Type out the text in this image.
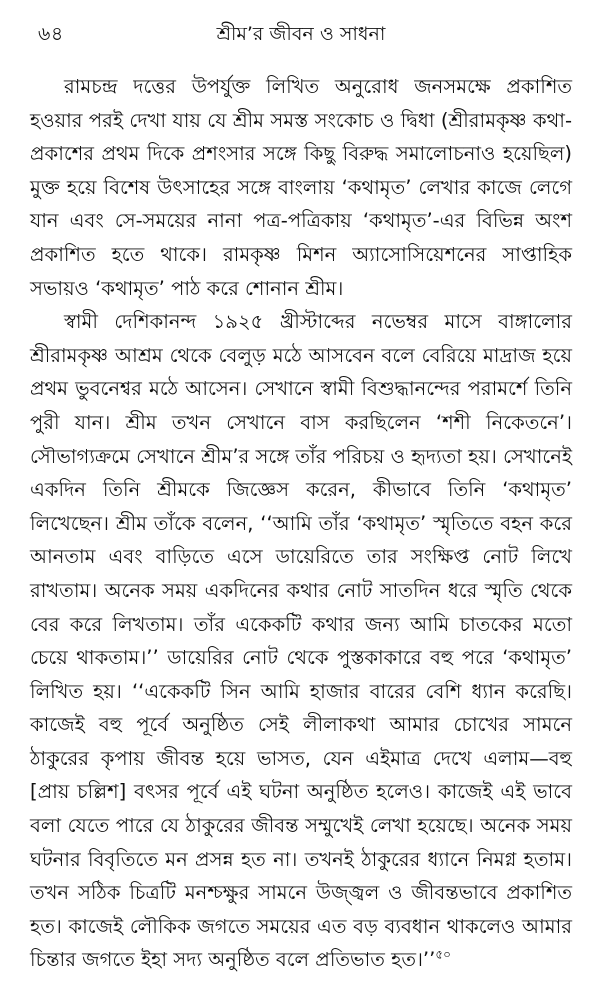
৬৪	শ্রীম’র জীবন ও সাধনা

রামচন্দ্র দত্তের উপর্যুক্ত লিখিত অনুরোধ জনসমক্ষে প্রকাশিত হওয়ার পরই দেখা যায় যে শ্রীম সমস্ত সংকোচ ও দ্বিধা (শ্রীরামকৃষ্ণ কথা-প্রকাশের প্রথম দিকে প্রশংসার সঙ্গে কিছু বিরুদ্ধ সমালোচনাও হয়েছিল) মুক্ত হয়ে বিশেষ উৎসাহের সঙ্গে বাংলায় ‘কথামৃত’ লেখার কাজে লেগে যান এবং সে-সময়ের নানা পত্র-পত্রিকায় ‘কথামৃত’-এর বিভিন্ন অংশ প্রকাশিত হতে থাকে। রামকৃষ্ণ মিশন অ্যাসোসিয়েশনের সাপ্তাহিক সভায়ও ‘কথামৃত’ পাঠ করে শোনান শ্রীম।

স্বামী দেশিকানন্দ ১৯২৫ খ্রীস্টাব্দের নভেম্বর মাসে বাঙ্গালোর শ্রীরামকৃষ্ণ আশ্রম থেকে বেলুড় মঠে আসবেন বলে বেরিয়ে মাদ্রাজ হয়ে প্রথম ভুবনেশ্বর মঠে আসেন। সেখানে স্বামী বিশুদ্ধানন্দের পরামর্শে তিনি পুরী যান। শ্রীম তখন সেখানে বাস করছিলেন ‘শশী নিকেতনে’। সৌভাগ্যক্রমে সেখানে শ্রীম’র সঙ্গে তাঁর পরিচয় ও হৃদ্যতা হয়। সেখানেই একদিন তিনি শ্রীমকে জিজ্ঞেস করেন, কীভাবে তিনি ‘কথামৃত’ লিখেছেন। শ্রীম তাঁকে বলেন, ‘‘আমি তাঁর ‘কথামৃত’ স্মৃতিতে বহন করে আনতাম এবং বাড়িতে এসে ডায়েরিতে তার সংক্ষিপ্ত নোট লিখে রাখতাম। অনেক সময় একদিনের কথার নোট সাতদিন ধরে স্মৃতি থেকে বের করে লিখতাম। তাঁর একেকটি কথার জন্য আমি চাতকের মতো চেয়ে থাকতাম।’’ ডায়েরির নোট থেকে পুস্তকাকারে বহু পরে ‘কথামৃত’ লিখিত হয়। ‘‘একেকটি সিন আমি হাজার বারের বেশি ধ্যান করেছি। কাজেই বহু পূর্বে অনুষ্ঠিত সেই লীলাকথা আমার চোখের সামনে ঠাকুরের কৃপায় জীবন্ত হয়ে ভাসত, যেন এইমাত্র দেখে এলাম—বহু [প্রায় চল্লিশ] বৎসর পূর্বে এই ঘটনা অনুষ্ঠিত হলেও। কাজেই এই ভাবে বলা যেতে পারে যে ঠাকুরের জীবন্ত সম্মুখেই লেখা হয়েছে। অনেক সময় ঘটনার বিবৃতিতে মন প্রসন্ন হত না। তখনই ঠাকুরের ধ্যানে নিমগ্ন হতাম। তখন সঠিক চিত্রটি মনশ্চক্ষুর সামনে উজ্জ্বল ও জীবন্তভাবে প্রকাশিত হত। কাজেই লৌকিক জগতে সময়ের এত বড় ব্যবধান থাকলেও আমার চিন্তার জগতে ইহা সদ্য অনুষ্ঠিত বলে প্রতিভাত হত।’’$^{৫০}$
